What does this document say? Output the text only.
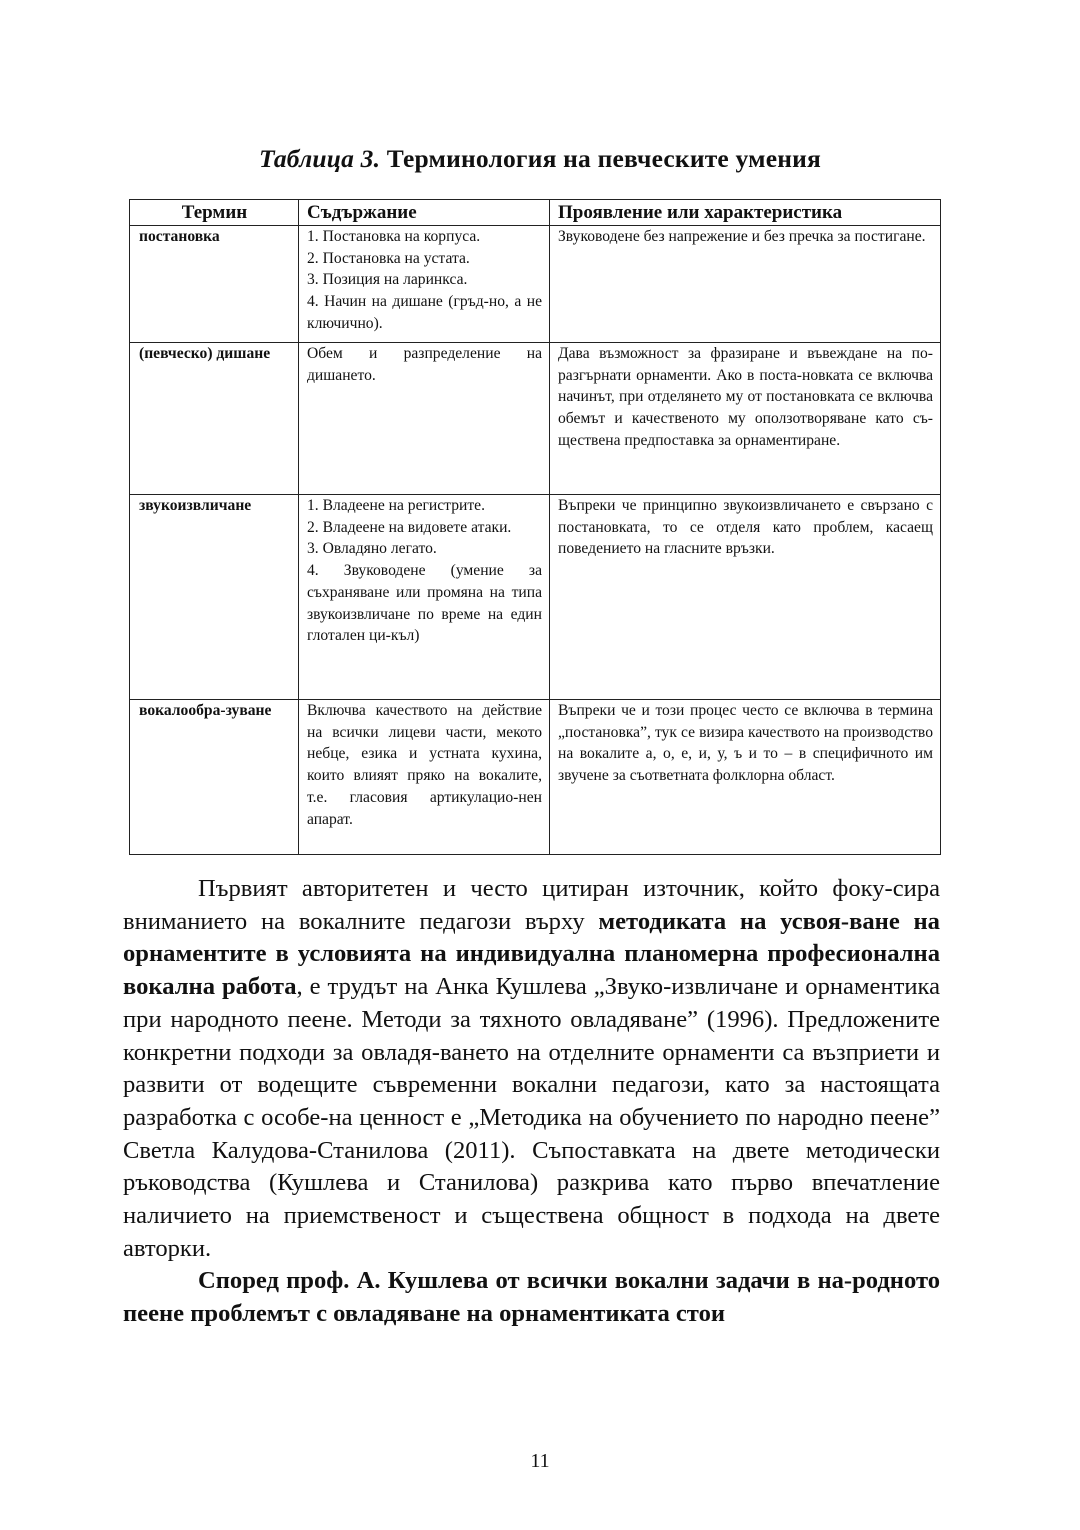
Таблица 3. Терминология на певческите умения
Термин	Съдържание	Проявление или характеристика
постановка	1. Постановка на корпуса.
2. Постановка на устата.
3. Позиция на ларинкса.
4. Начин на дишане (гръд-но, а не ключично).	Звуководене без напрежение и без пречка за постигане.
(певческо) дишане	Обем и разпределение на дишането.	Дава възможност за фразиране и въвеждане на по-разгърнати орнаменти. Ако в поста-новката се включва начинът, при отделянето му от постановката се включва обемът и качественото му оползотворяване като съ-ществена предпоставка за орнаментиране.
звукоизвличане	1. Владеене на регистрите.
2. Владеене на видовете атаки.
3. Овладяно легато.
4. Звуководене (умение за съхраняване или промяна на типа звукоизвличане по време на един глотален ци-къл)	Въпреки че принципно звукоизвличането е свързано с постановката, то се отделя като проблем, касаещ поведението на гласните връзки.
вокалообра-зуване	Включва качеството на действие на всички лицеви части, мекото небце, езика и устната кухина, които влияят пряко на вокалите, т.е. гласовия артикулацио-нен апарат.	Въпреки че и този процес често се включва в термина „постановка”, тук се визира качеството на производство на вокалите а, о, е, и, у, ъ и то – в специфичното им звучене за съответната фолклорна област.

Първият авторитетен и често цитиран източник, който фоку-сира вниманието на вокалните педагози върху методиката на усвоя-ване на орнаментите в условията на индивидуална планомерна професионална вокална работа, е трудът на Анка Кушлева „Звуко-извличане и орнаментика при народното пеене. Методи за тяхното овладяване” (1996). Предложените конкретни подходи за овладя-ването на отделните орнаменти са възприети и развити от водещите съвременни вокални педагози, като за настоящата разработка с особе-на ценност е „Методика на обучението по народно пеене” Светла Калудова-Станилова (2011). Съпоставката на двете методически ръководства (Кушлева и Станилова) разкрива като първо впечатление наличието на приемственост и съществена общност в подхода на двете авторки.

Според проф. А. Кушлева от всички вокални задачи в на-родното пеене проблемът с овладяване на орнаментиката стои

11
